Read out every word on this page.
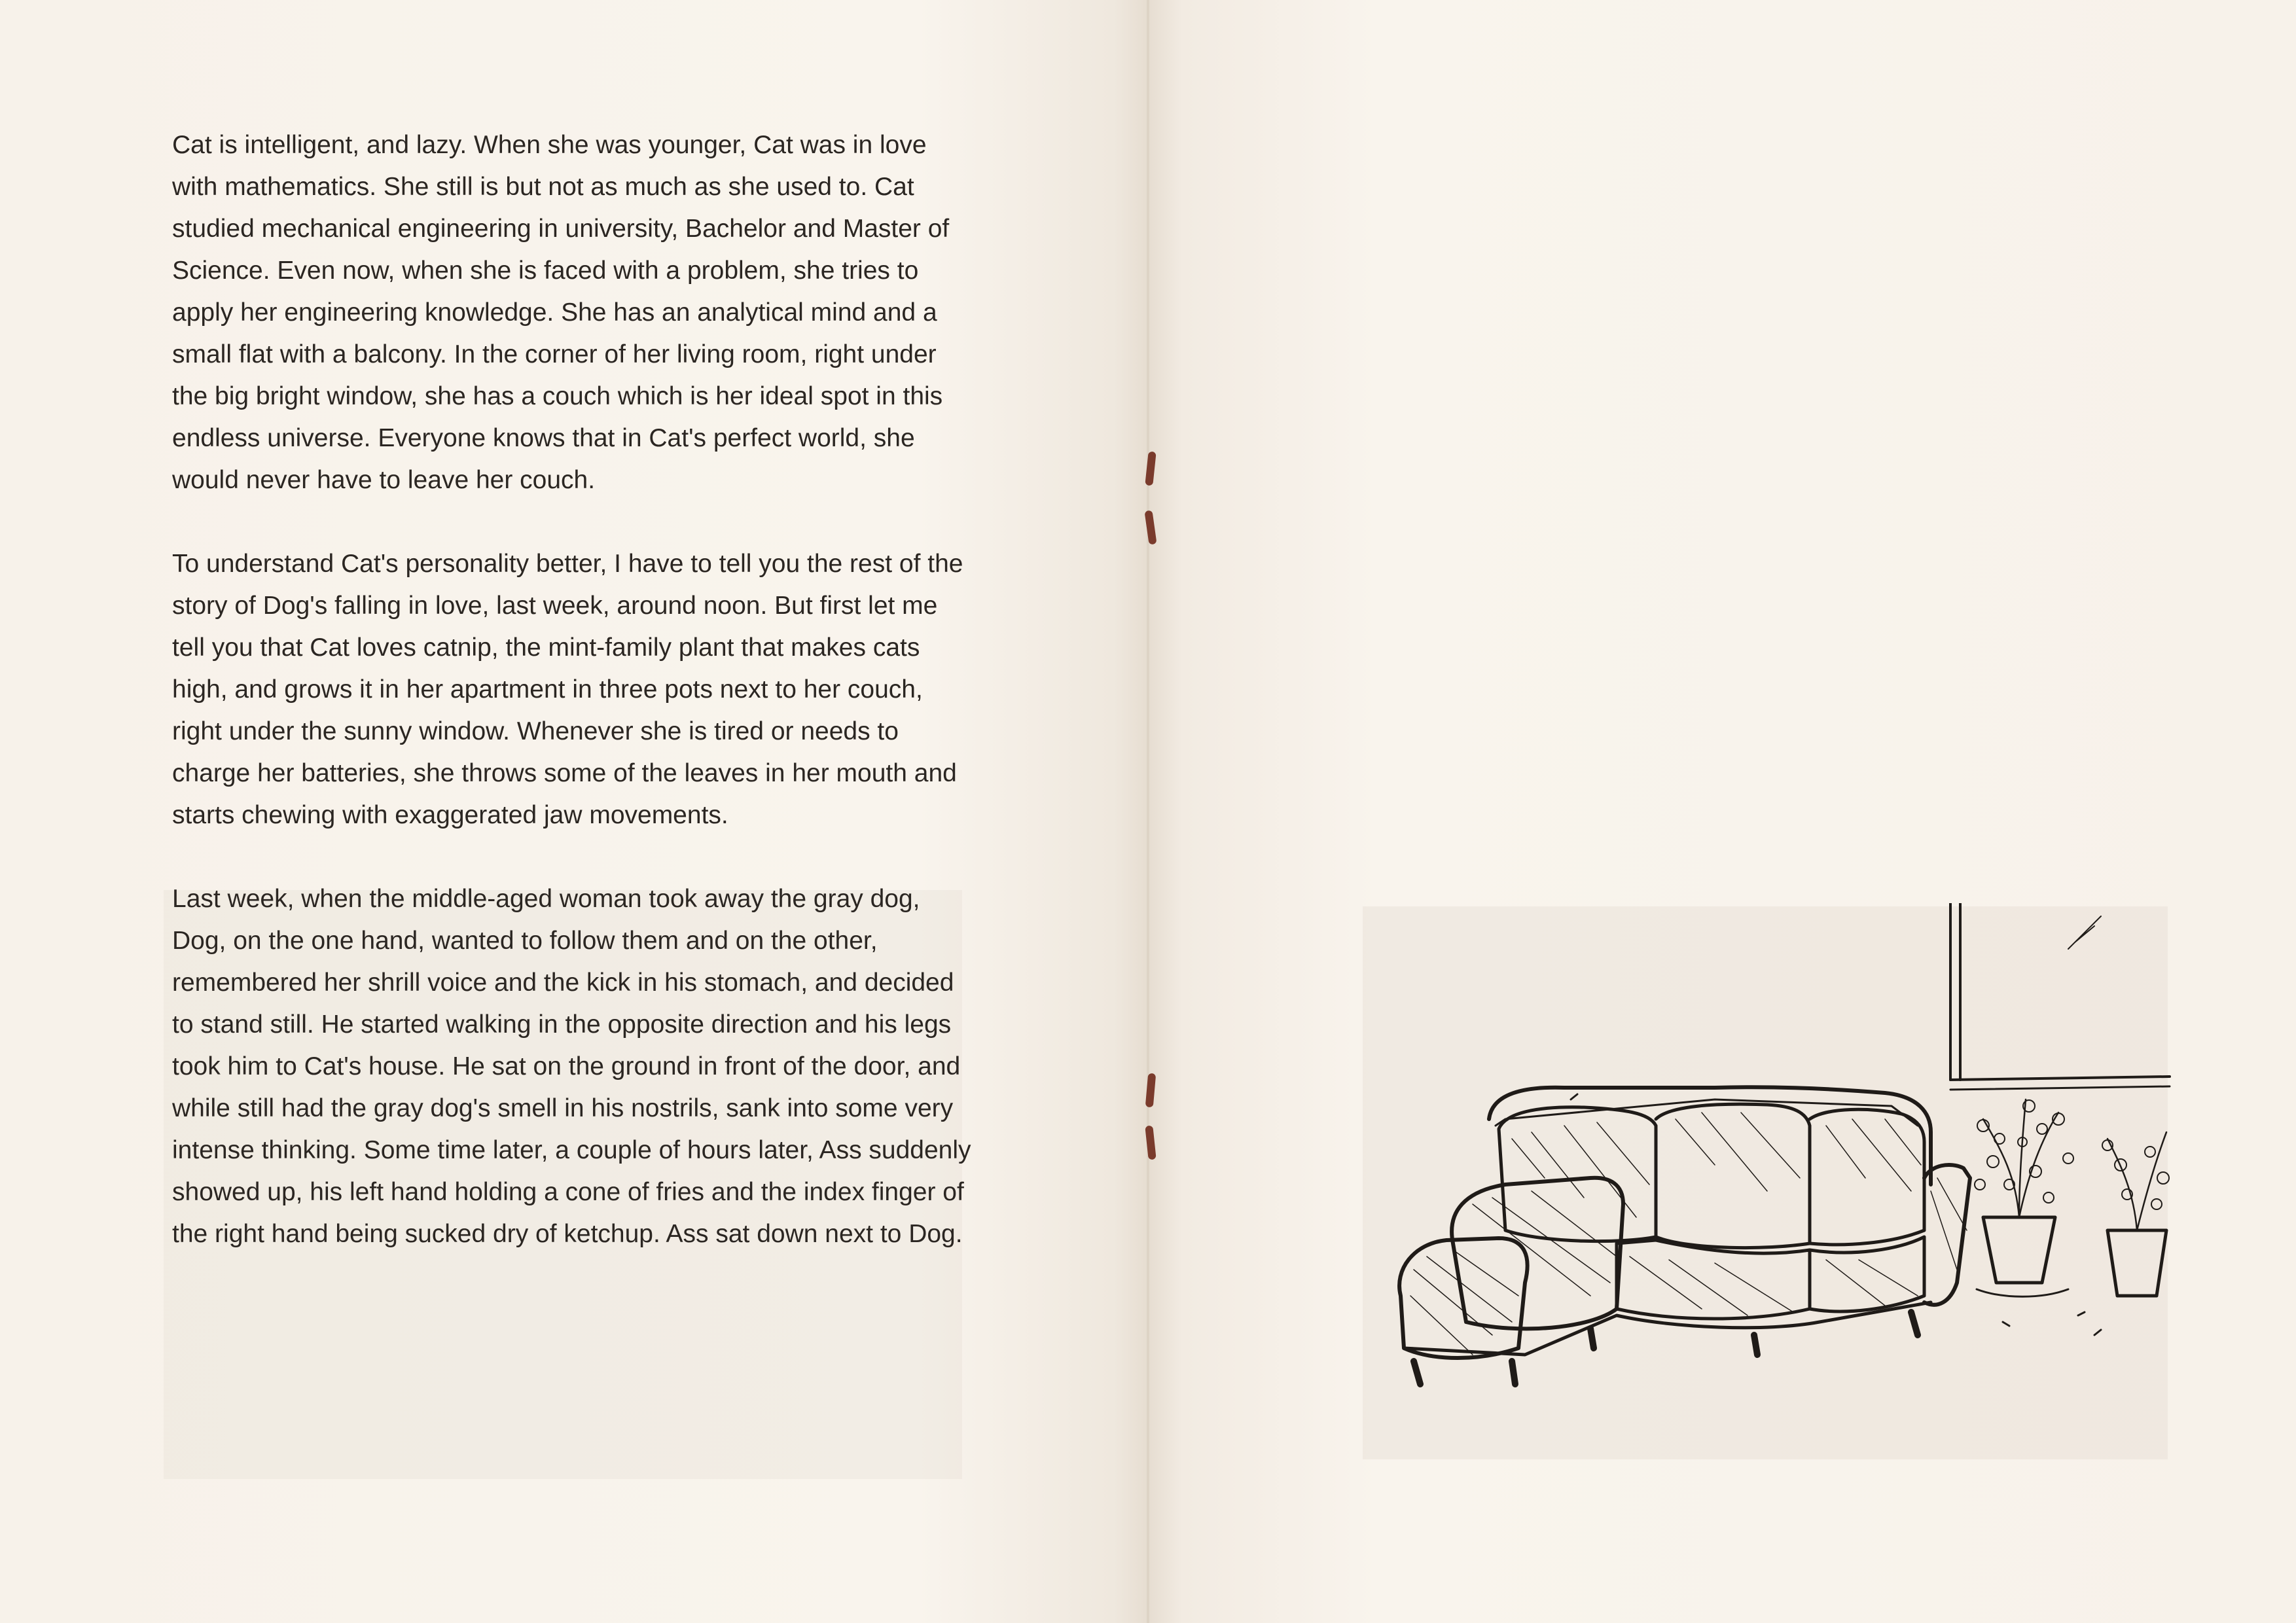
Cat is intelligent, and lazy. When she was younger, Cat was in love with mathematics. She still is but not as much as she used to. Cat studied mechanical engineering in university, Bachelor and Master of Science. Even now, when she is faced with a problem, she tries to apply her engineering knowledge. She has an analytical mind and a small flat with a balcony. In the corner of her living room, right under the big bright window, she has a couch which is her ideal spot in this endless universe. Everyone knows that in Cat's perfect world, she would never have to leave her couch.

To understand Cat's personality better, I have to tell you the rest of the story of Dog's falling in love, last week, around noon. But first let me tell you that Cat loves catnip, the mint-family plant that makes cats high, and grows it in her apartment in three pots next to her couch, right under the sunny window. Whenever she is tired or needs to charge her batteries, she throws some of the leaves in her mouth and starts chewing with exaggerated jaw movements.

Last week, when the middle-aged woman took away the gray dog, Dog, on the one hand, wanted to follow them and on the other, remembered her shrill voice and the kick in his stomach, and decided to stand still. He started walking in the opposite direction and his legs took him to Cat's house. He sat on the ground in front of the door, and while still had the gray dog's smell in his nostrils, sank into some very intense thinking. Some time later, a couple of hours later, Ass suddenly showed up, his left hand holding a cone of fries and the index finger of the right hand being sucked dry of ketchup. Ass sat down next to Dog.
